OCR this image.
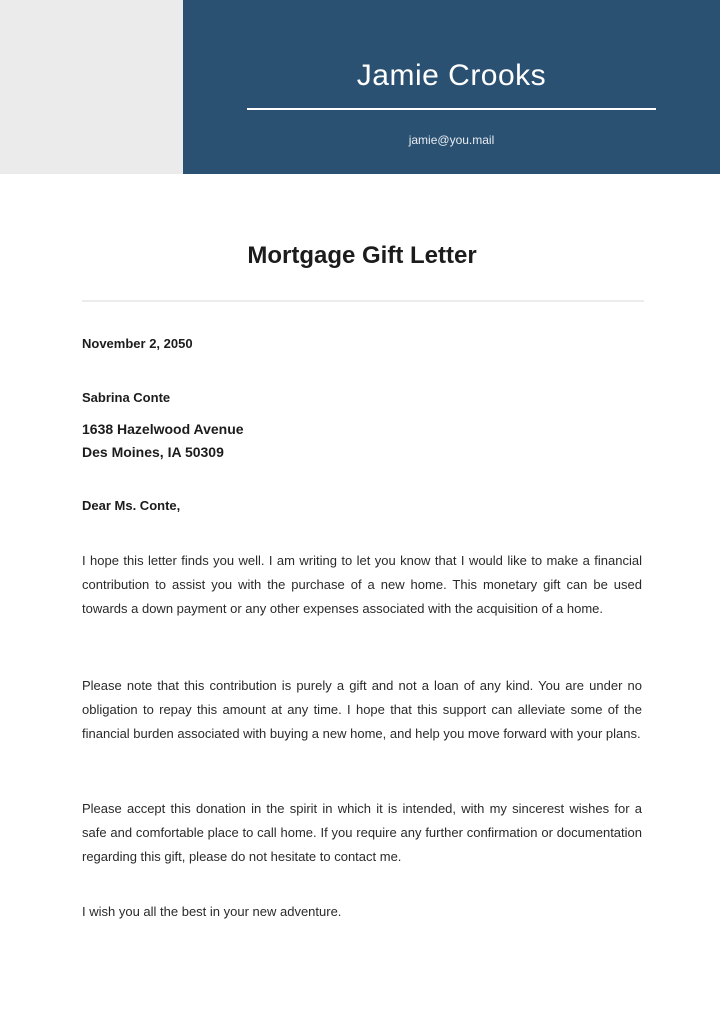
Jamie Crooks
jamie@you.mail
Mortgage Gift Letter
November 2, 2050
Sabrina Conte
1638 Hazelwood Avenue
Des Moines, IA 50309
Dear Ms. Conte,

I hope this letter finds you well. I am writing to let you know that I would like to make a financial contribution to assist you with the purchase of a new home. This monetary gift can be used towards a down payment or any other expenses associated with the acquisition of a home.

Please note that this contribution is purely a gift and not a loan of any kind. You are under no obligation to repay this amount at any time. I hope that this support can alleviate some of the financial burden associated with buying a new home, and help you move forward with your plans.

Please accept this donation in the spirit in which it is intended, with my sincerest wishes for a safe and comfortable place to call home. If you require any further confirmation or documentation regarding this gift, please do not hesitate to contact me.

I wish you all the best in your new adventure.
